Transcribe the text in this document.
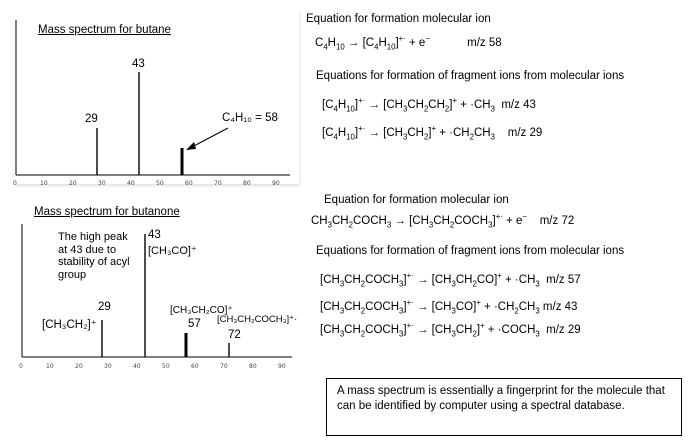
0	10	20	30	40	50	60	70	80	90
0	10	20	30	40	50	60	70	80	90
Mass spectrum for butane
43
29	C₄H₁₀ = 58
Mass spectrum for butanone
The high peak
at 43 due to
stability of acyl
group
43
[CH₃CO]⁺
29
[CH₃CH₂]⁺
[CH₃CH₂CO]⁺
57 [CH₃CH₂COCH₃]⁺·
72
Equation for formation molecular ion
$C_4H_{10} \to [C_4H_{10}]^{+\cdot} + e^-$	m/z 58
Equations for formation of fragment ions from molecular ions
$[C_4H_{10}]^{+\cdot} \to [CH_3CH_2CH_2]^+ + \cdot CH_3$  m/z 43
$[C_4H_{10}]^{+\cdot} \to [CH_3CH_2]^+ + \cdot CH_2CH_3$    m/z 29
Equation for formation molecular ion
$CH_3CH_2COCH_3$ → $[CH_3CH_2COCH_3]^{+\cdot} + e^-$    m/z 72
Equations for formation of fragment ions from molecular ions
$[CH_3CH_2COCH_3]^{+\cdot} \to [CH_3CH_2CO]^+ + \cdot CH_3$  m/z 57
$[CH_3CH_2COCH_3]^{+\cdot} \to [CH_3CO]^+ + \cdot CH_2CH_3$ m/z 43
$[CH_3CH_2COCH_3]^{+\cdot} \to [CH_3CH_2]^+$ + $\cdot COCH_3$  m/z 29
A mass spectrum is essentially a fingerprint for the molecule that can be identified by computer using a spectral database.
